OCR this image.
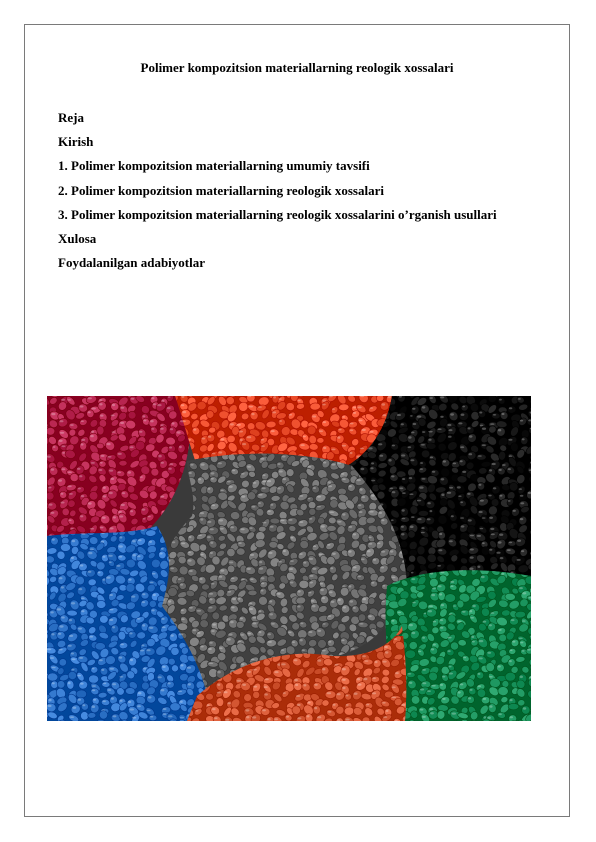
Polimer kompozitsion materiallarning reologik xossalari
Reja
Kirish
1. Polimer kompozitsion materiallarning umumiy tavsifi
2. Polimer kompozitsion materiallarning reologik xossalari
3. Polimer kompozitsion materiallarning reologik xossalarini o’rganish usullari
Xulosa
Foydalanilgan adabiyotlar
